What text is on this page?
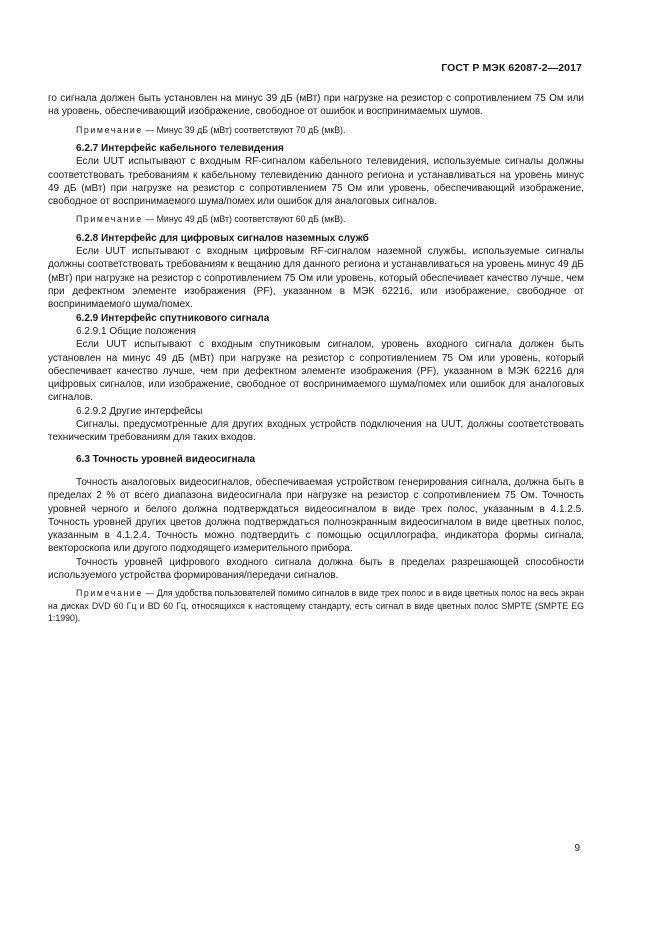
ГОСТ Р МЭК 62087-2—2017

го сигнала должен быть установлен на минус 39 дБ (мВт) при нагрузке на резистор с сопротивлением 75 Ом или на уровень, обеспечивающий изображение, свободное от ошибок и воспринимаемых шумов.

Примечание — Минус 39 дБ (мВт) соответствуют 70 дБ (мкВ).

6.2.7 Интерфейс кабельного телевидения

Если UUT испытывают с входным RF-сигналом кабельного телевидения, используемые сигналы должны соответствовать требованиям к кабельному телевидению данного региона и устанавливаться на уровень минус 49 дБ (мВт) при нагрузке на резистор с сопротивлением 75 Ом или уровень, обеспечивающий изображение, свободное от воспринимаемого шума/помех или ошибок для аналоговых сигналов.

Примечание — Минус 49 дБ (мВт) соответствуют 60 дБ (мкВ).

6.2.8 Интерфейс для цифровых сигналов наземных служб

Если UUT испытывают с входным цифровым RF-сигналом наземной службы, используемые сигналы должны соответствовать требованиям к вещанию для данного региона и устанавливаться на уровень минус 49 дБ (мВт) при нагрузке на резистор с сопротивлением 75 Ом или уровень, который обеспечивает качество лучше, чем при дефектном элементе изображения (PF), указанном в МЭК 62216, или изображение, свободное от воспринимаемого шума/помех.

6.2.9 Интерфейс спутникового сигнала

6.2.9.1 Общие положения

Если UUT испытывают с входным спутниковым сигналом, уровень входного сигнала должен быть установлен на минус 49 дБ (мВт) при нагрузке на резистор с сопротивлением 75 Ом или уровень, который обеспечивает качество лучше, чем при дефектном элементе изображения (PF), указанном в МЭК 62216 для цифровых сигналов, или изображение, свободное от воспринимаемого шума/помех или ошибок для аналоговых сигналов.

6.2.9.2 Другие интерфейсы

Сигналы, предусмотренные для других входных устройств подключения на UUT, должны соответствовать техническим требованиям для таких входов.

6.3 Точность уровней видеосигнала

Точность аналоговых видеосигналов, обеспечиваемая устройством генерирования сигнала, должна быть в пределах 2 % от всего диапазона видеосигнала при нагрузке на резистор с сопротивлением 75 Ом. Точность уровней черного и белого должна подтверждаться видеосигналом в виде трех полос, указанным в 4.1.2.5. Точность уровней других цветов должна подтверждаться полноэкранным видеосигналом в виде цветных полос, указанным в 4.1.2.4. Точность можно подтвердить с помощью осциллографа, индикатора формы сигнала, вектороскопа или другого подходящего измерительного прибора.

Точность уровней цифрового входного сигнала должна быть в пределах разрешающей способности используемого устройства формирования/передачи сигналов.

Примечание — Для удобства пользователей помимо сигналов в виде трех полос и в виде цветных полос на весь экран на дисках DVD 60 Гц и BD 60 Гц, относящихся к настоящему стандарту, есть сигнал в виде цветных полос SMPTE (SMPTE EG 1:1990).

9
